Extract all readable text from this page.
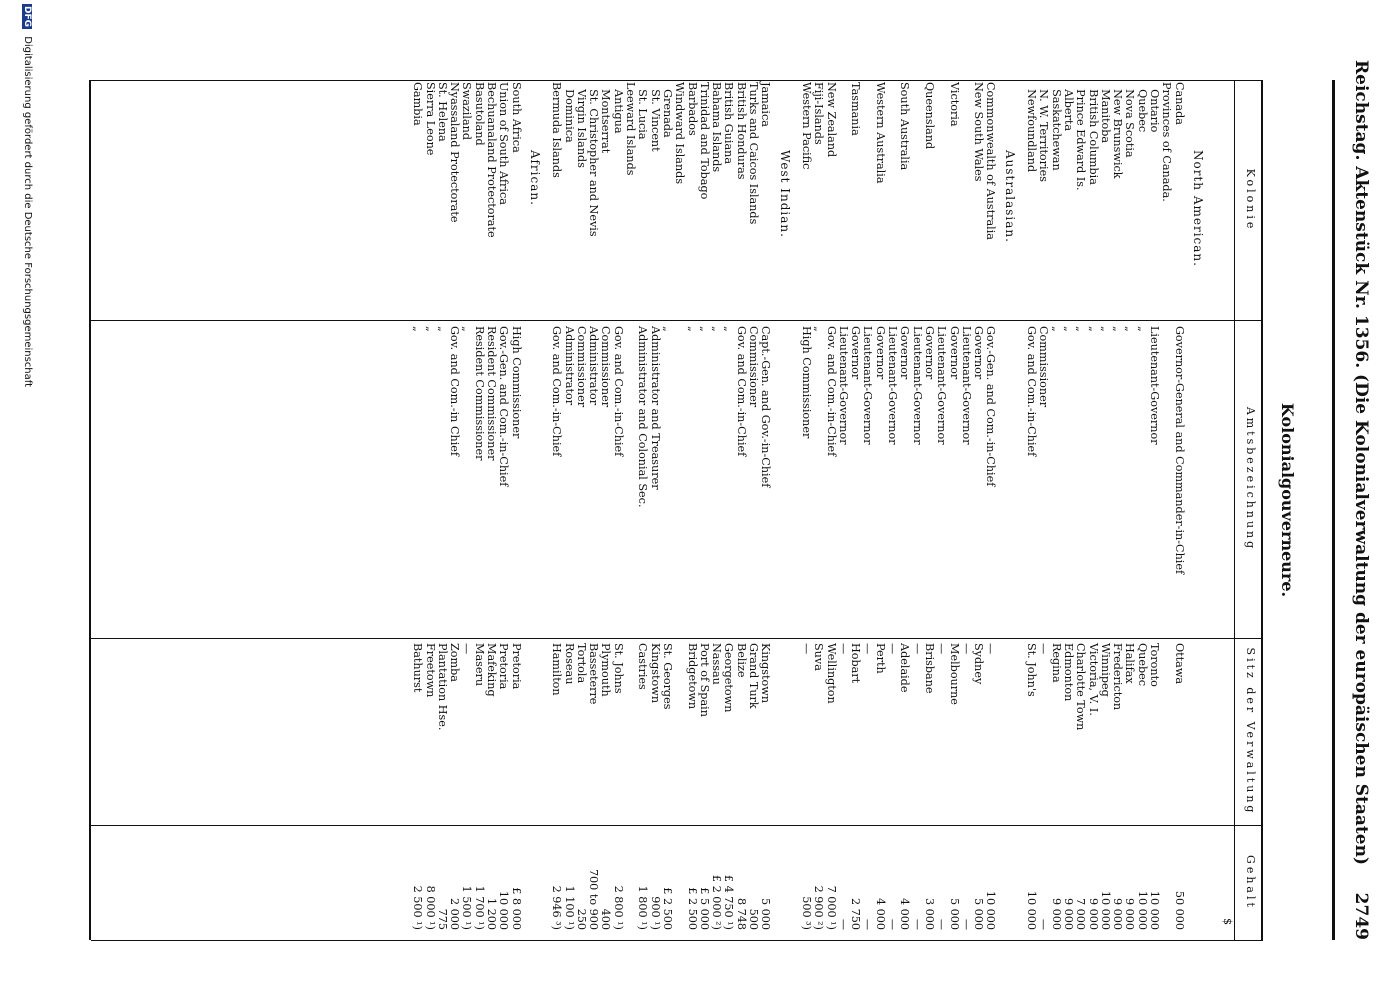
Reichstag. Aktenstück Nr. 1356. (Die Kolonialverwaltung der europäischen Staaten)
2749
Kolonialgouverneure.
Kolonie
Amtsbezeichnung
Sitz der Verwaltung
Gehalt
$
North American.
Canada
Governor-General and Commander-in-Chief
Ottawa
50 000
Provinces of Canada.
Ontario
Lieutenant-Governor
Toronto
10 000
Quebec
„
Quebec
10 000
Nova Scotia
„
Halifax
9 000
New Brunswick
„
Fredericton
9 000
Manitoba
„
Winnipeg
10 000
British Columbia
„
Victoria, V. I.
9 000
Prince Edward Is.
„
Charlotte Town
7 000
Alberta
„
Edmonton
9 000
Saskatchewan
„
Regina
9 000
N. W. Territories
Commissioner
—
—
Newfoundland
Gov. and Com.-in-Chief
St. John's
10 000
Australasian.
Commonwealth of Australia
Gov.-Gen. and Com.-in-Chief
—
10 000
New South Wales
Governor
Sydney
5 000
Lieutenant-Governor
—
—
Victoria
Governor
Melbourne
5 000
Lieutenant-Governor
—
—
Queensland
Governor
Brisbane
3 000
Lieutenant-Governor
—
—
South Australia
Governor
Adelaide
4 000
Lieutenant-Governor
—
—
Western Australia
Governor
Perth
4 000
Lieutenant-Governor
—
—
Tasmania
Governor
Hobart
2 750
Lieutenant-Governor
—
—
New Zealand
Gov. and Com.-in-Chief
Wellington
7 000 ¹)
Fiji-Islands
„
Suva
2 900 ²)
Western Pacific
High Commissioner
—
500 ³)
West Indian.
Jamaica
Capt.-Gen. and Gov.-in-Chief
Kingstown
5 000
Turks and Caicos Islands
Commissioner
Grand Turk
500
British Honduras
Gov. and Com.-in-Chief
Belize
8 748
British Guiana
„
Georgetown
£ 4 750 ¹)
Bahama Islands
„
Nassau
£ 2 000 ²)
Trinidad and Tobago
„
Port of Spain
£ 5 000
Barbados
„
Bridgetown
£ 2 500
Windward Islands
Grenada
„
St. Georges
£ 2 500
St. Vincent
Administrator and Treasurer
Kingstown
900 ¹)
St. Lucia
Administrator and Colonial Sec.
Castries
1 800 ¹)
Leeward Islands
Antigua
Gov. and Com.-in-Chief
St. Johns
2 800 ¹)
Montserrat
Commissioner
Plymouth
400
St. Christopher and Nevis
Administrator
Basseterre
700 to 900
Virgin Islands
Commissioner
Tortola
250
Dominica
Administrator
Roseau
1 100 ¹)
Bermuda Islands
Gov. and Com.-in-Chief
Hamilton
2 946 ³)
African.
South Africa
High Commissioner
Pretoria
£ 8 000
Union of South Africa
Gov.-Gen. and Com.-in-Chief
Pretoria
10 000
Bechuanaland Protectorate
Resident Commissioner
Mafeking
1 200
Basutoland
Resident Commissioner
Maseru
1 700 ¹)
Swaziland
„
—
1 500 ¹)
Nyassaland Protectorate
Gov. and Com.-in Chief
Zomba
2 000
St. Helena
„
Plantation Hse.
775
Sierra Leone
„
Freetown
8 000 ¹)
Gambia
„
Bathurst
2 500 ¹)
DFG Digitalisierung gefördert durch die Deutsche Forschungsgemeinschaft
